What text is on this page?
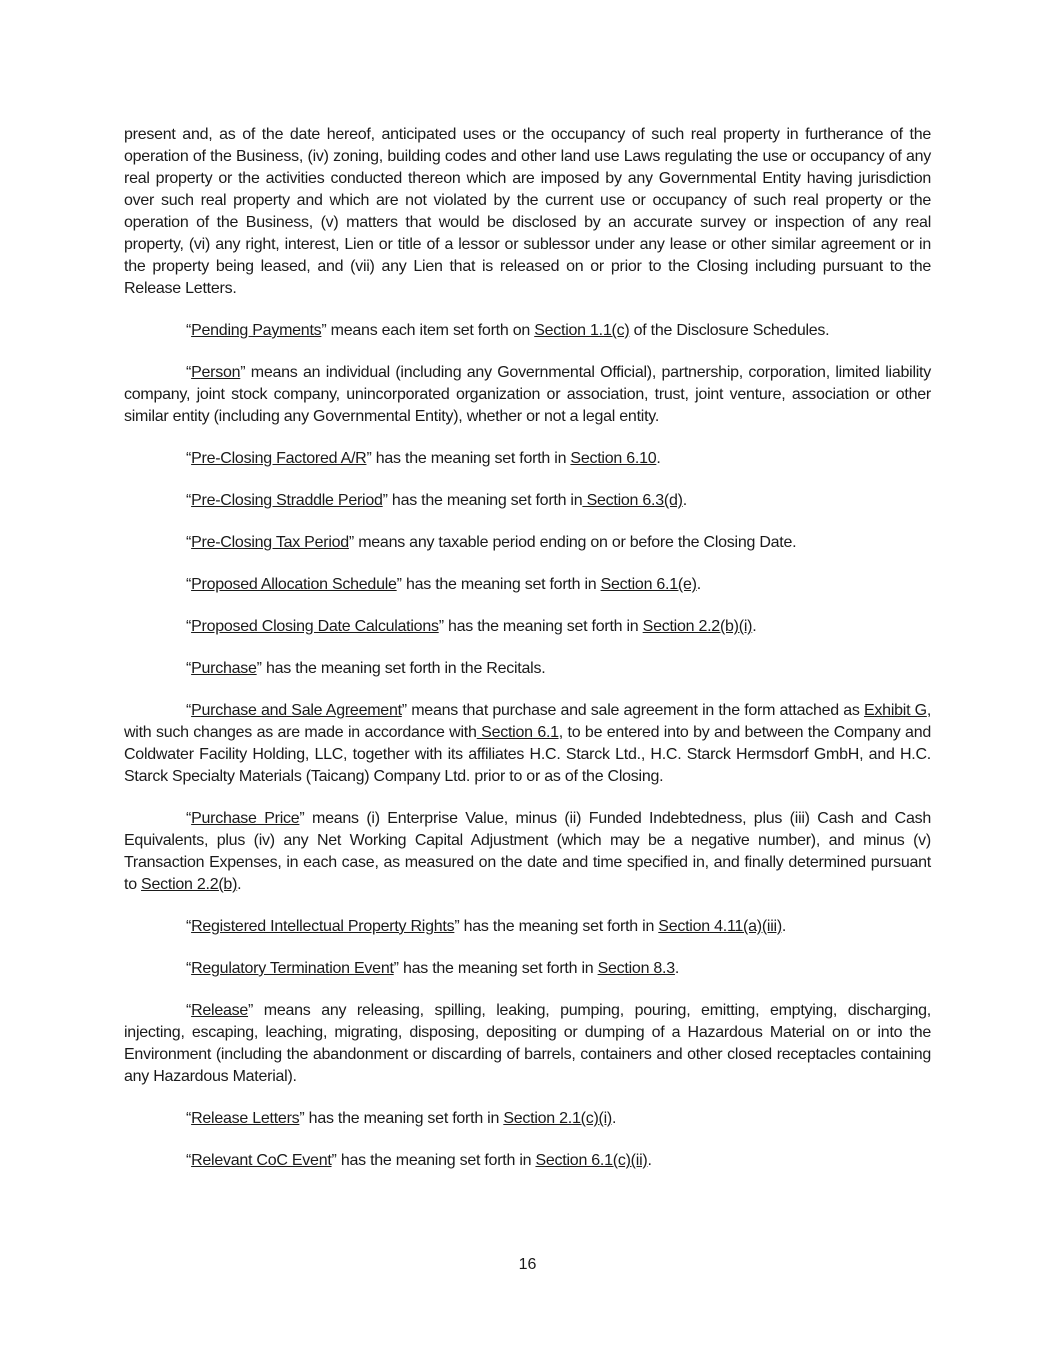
present and, as of the date hereof, anticipated uses or the occupancy of such real property in furtherance of the operation of the Business, (iv) zoning, building codes and other land use Laws regulating the use or occupancy of any real property or the activities conducted thereon which are imposed by any Governmental Entity having jurisdiction over such real property and which are not violated by the current use or occupancy of such real property or the operation of the Business, (v) matters that would be disclosed by an accurate survey or inspection of any real property, (vi) any right, interest, Lien or title of a lessor or sublessor under any lease or other similar agreement or in the property being leased, and (vii) any Lien that is released on or prior to the Closing including pursuant to the Release Letters.

“Pending Payments” means each item set forth on Section 1.1(c) of the Disclosure Schedules.

“Person” means an individual (including any Governmental Official), partnership, corporation, limited liability company, joint stock company, unincorporated organization or association, trust, joint venture, association or other similar entity (including any Governmental Entity), whether or not a legal entity.

“Pre-Closing Factored A/R” has the meaning set forth in Section 6.10.

“Pre-Closing Straddle Period” has the meaning set forth in Section 6.3(d).

“Pre-Closing Tax Period” means any taxable period ending on or before the Closing Date.

“Proposed Allocation Schedule” has the meaning set forth in Section 6.1(e).

“Proposed Closing Date Calculations” has the meaning set forth in Section 2.2(b)(i).

“Purchase” has the meaning set forth in the Recitals.

“Purchase and Sale Agreement” means that purchase and sale agreement in the form attached as Exhibit G, with such changes as are made in accordance with Section 6.1, to be entered into by and between the Company and Coldwater Facility Holding, LLC, together with its affiliates H.C. Starck Ltd., H.C. Starck Hermsdorf GmbH, and H.C. Starck Specialty Materials (Taicang) Company Ltd. prior to or as of the Closing.

“Purchase Price” means (i) Enterprise Value, minus (ii) Funded Indebtedness, plus (iii) Cash and Cash Equivalents, plus (iv) any Net Working Capital Adjustment (which may be a negative number), and minus (v) Transaction Expenses, in each case, as measured on the date and time specified in, and finally determined pursuant to Section 2.2(b).

“Registered Intellectual Property Rights” has the meaning set forth in Section 4.11(a)(iii).

“Regulatory Termination Event” has the meaning set forth in Section 8.3.

“Release” means any releasing, spilling, leaking, pumping, pouring, emitting, emptying, discharging, injecting, escaping, leaching, migrating, disposing, depositing or dumping of a Hazardous Material on or into the Environment (including the abandonment or discarding of barrels, containers and other closed receptacles containing any Hazardous Material).

“Release Letters” has the meaning set forth in Section 2.1(c)(i).

“Relevant CoC Event” has the meaning set forth in Section 6.1(c)(ii).

16
